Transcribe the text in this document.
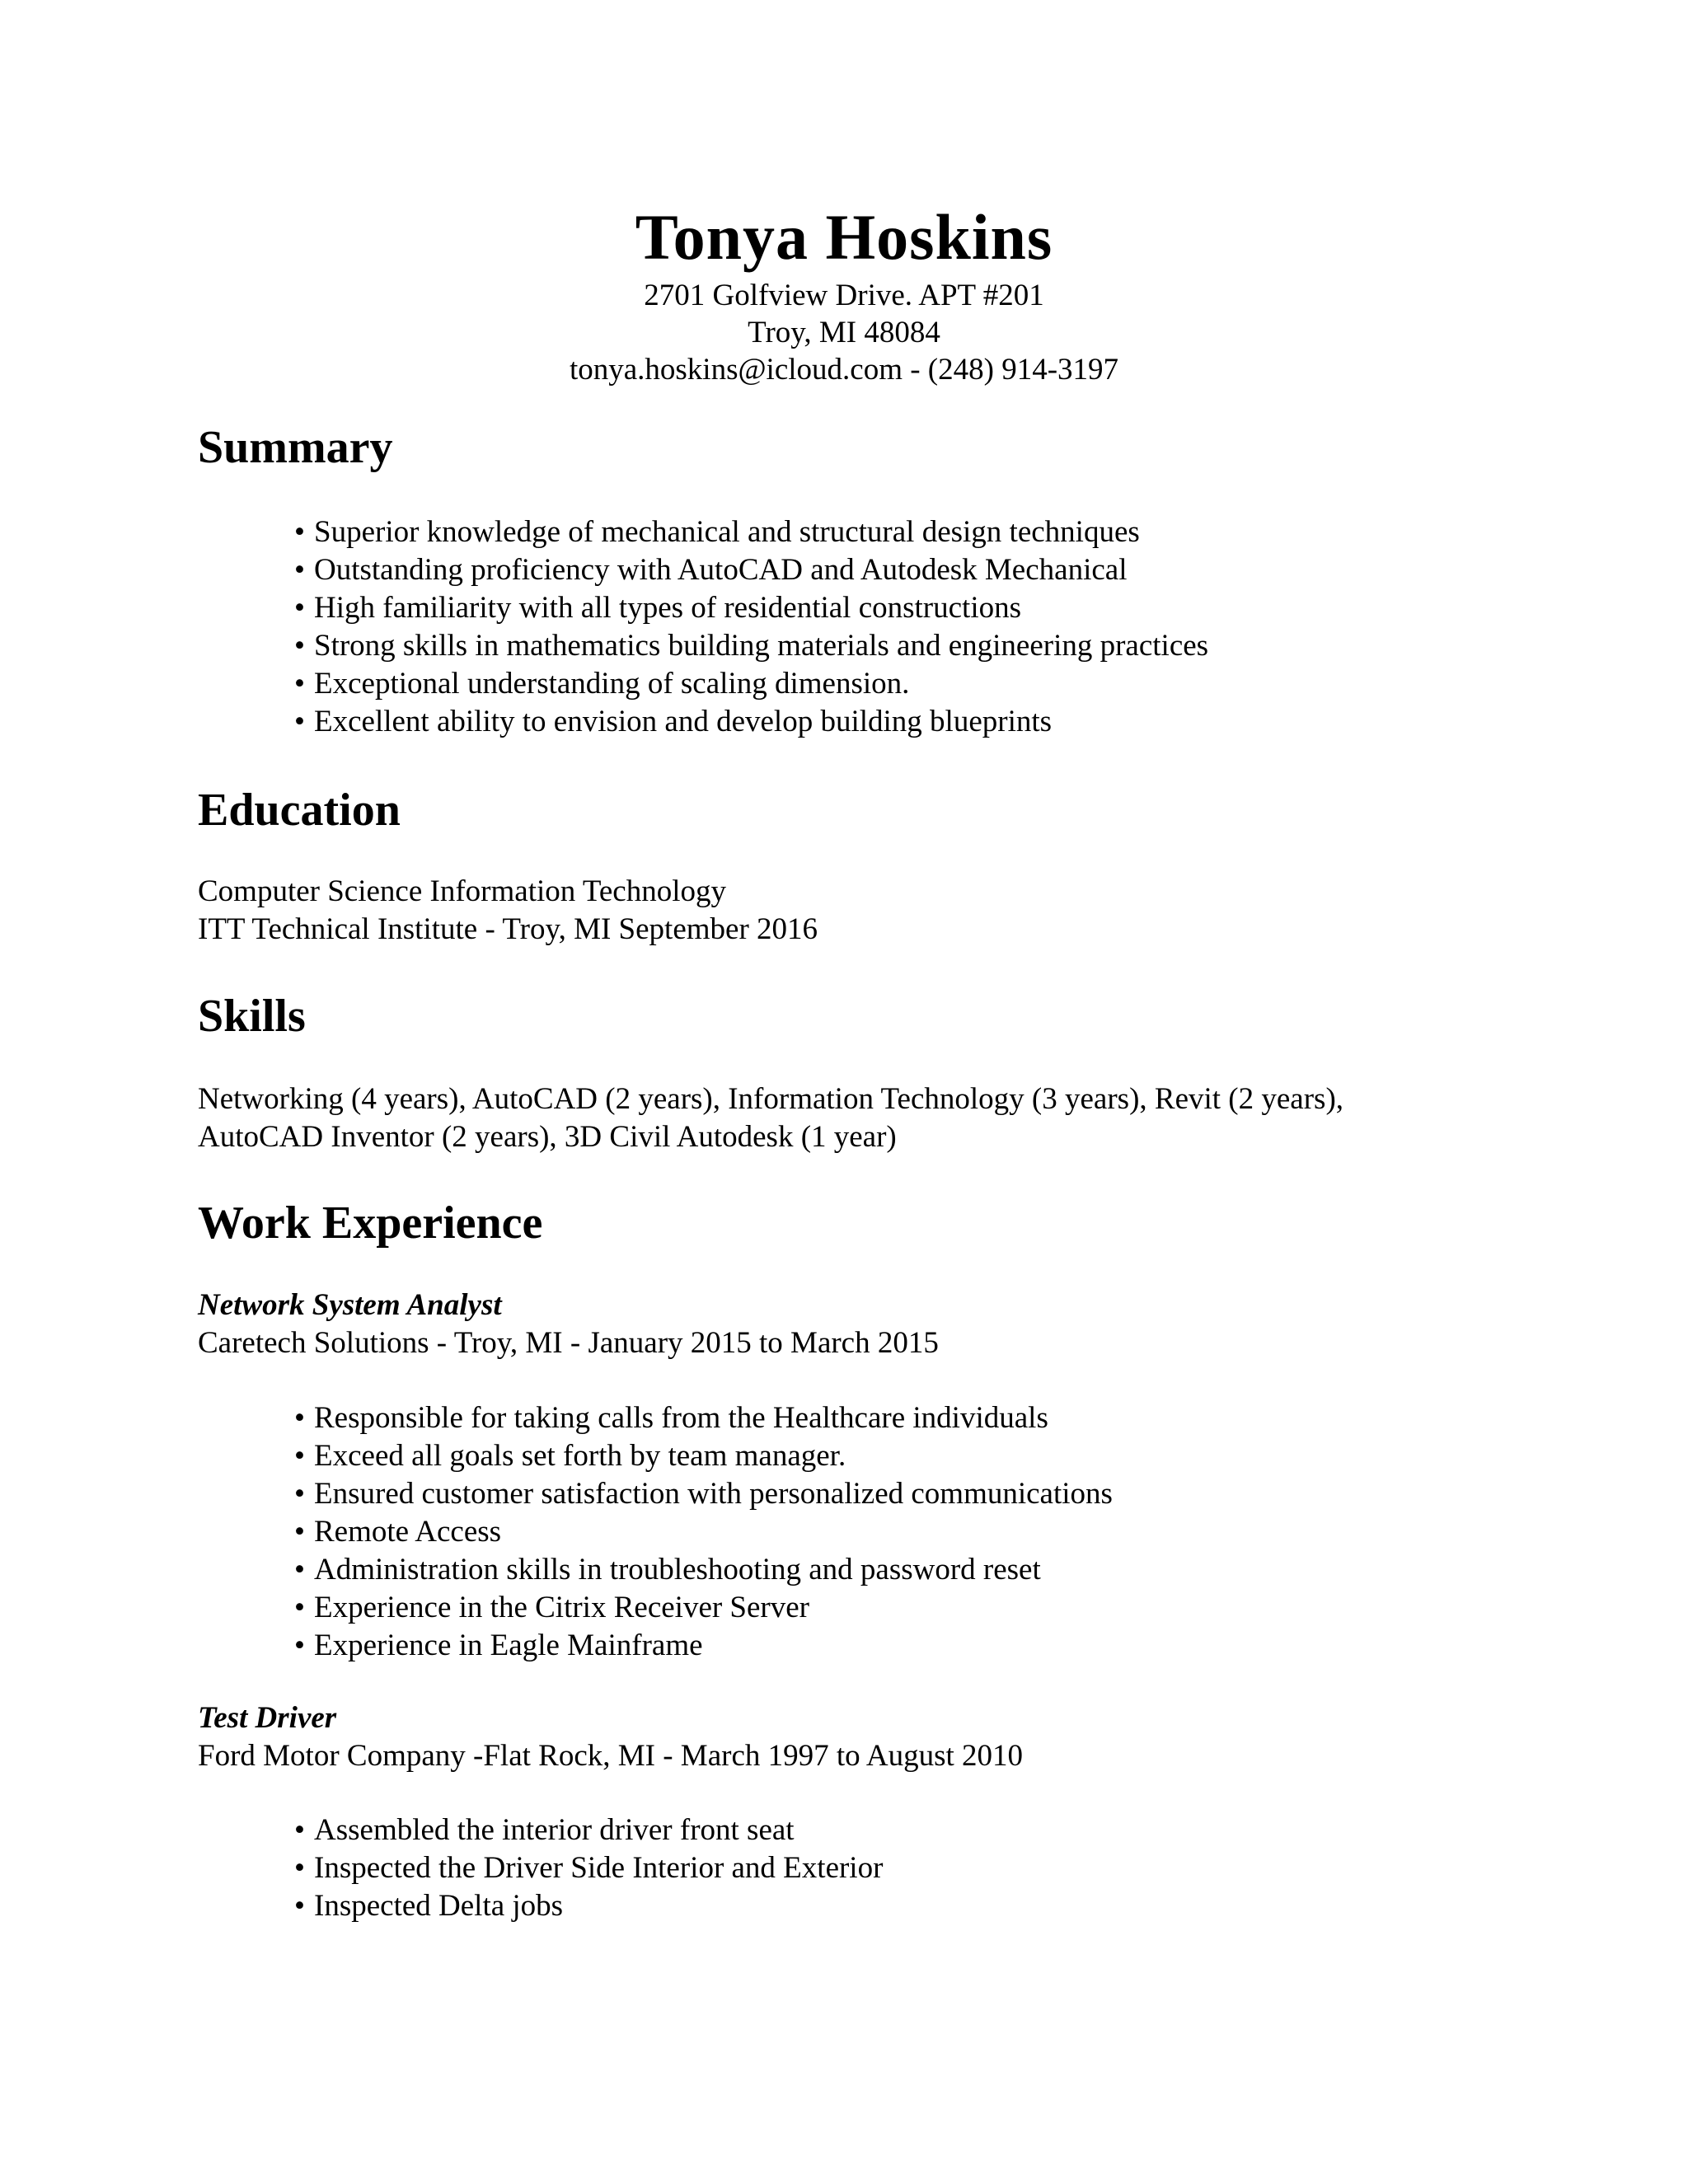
Tonya Hoskins

2701 Golfview Drive. APT #201

Troy, MI 48084

tonya.hoskins@icloud.com - (248) 914-3197

Summary

• Superior knowledge of mechanical and structural design techniques
• Outstanding proficiency with AutoCAD and Autodesk Mechanical
• High familiarity with all types of residential constructions
• Strong skills in mathematics building materials and engineering practices
• Exceptional understanding of scaling dimension.
• Excellent ability to envision and develop building blueprints

Education

Computer Science Information Technology

ITT Technical Institute - Troy, MI September 2016

Skills

Networking (4 years), AutoCAD (2 years), Information Technology (3 years), Revit (2 years),

AutoCAD Inventor (2 years), 3D Civil Autodesk (1 year)

Work Experience

Network System Analyst

Caretech Solutions - Troy, MI - January 2015 to March 2015

• Responsible for taking calls from the Healthcare individuals
• Exceed all goals set forth by team manager.
• Ensured customer satisfaction with personalized communications
• Remote Access
• Administration skills in troubleshooting and password reset
• Experience in the Citrix Receiver Server
• Experience in Eagle Mainframe

Test Driver

Ford Motor Company -Flat Rock, MI - March 1997 to August 2010

• Assembled the interior driver front seat
• Inspected the Driver Side Interior and Exterior
• Inspected Delta jobs
